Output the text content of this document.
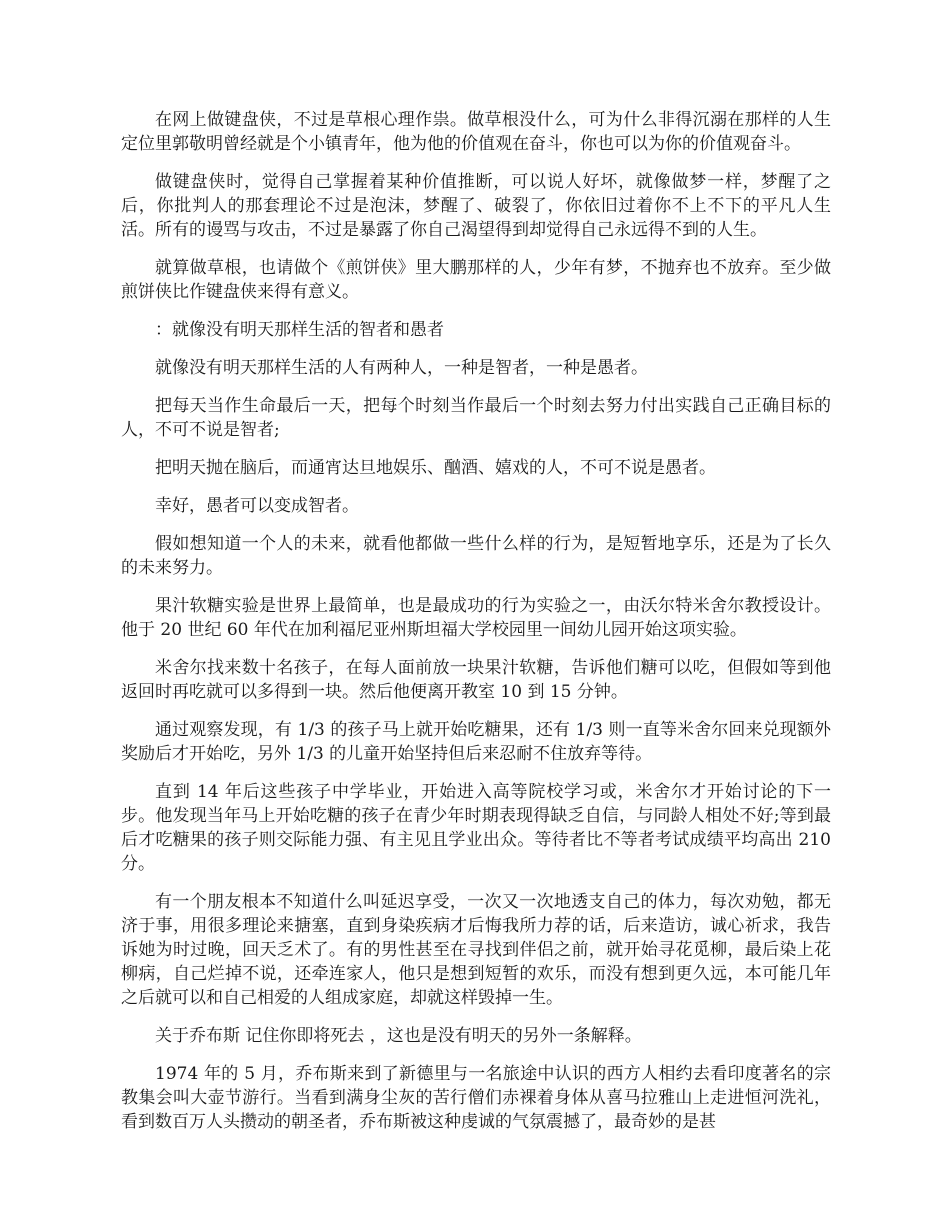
在网上做键盘侠，不过是草根心理作祟。做草根没什么，可为什么非得沉溺在那样的人生定位里郭敬明曾经就是个小镇青年，他为他的价值观在奋斗，你也可以为你的价值观奋斗。

做键盘侠时，觉得自己掌握着某种价值推断，可以说人好坏，就像做梦一样，梦醒了之后，你批判人的那套理论不过是泡沫，梦醒了、破裂了，你依旧过着你不上不下的平凡人生活。所有的谩骂与攻击，不过是暴露了你自己渴望得到却觉得自己永远得不到的人生。

就算做草根，也请做个《煎饼侠》里大鹏那样的人，少年有梦，不抛弃也不放弃。至少做煎饼侠比作键盘侠来得有意义。

：就像没有明天那样生活的智者和愚者

就像没有明天那样生活的人有两种人，一种是智者，一种是愚者。

把每天当作生命最后一天，把每个时刻当作最后一个时刻去努力付出实践自己正确目标的人，不可不说是智者;

把明天抛在脑后，而通宵达旦地娱乐、酗酒、嬉戏的人，不可不说是愚者。

幸好，愚者可以变成智者。

假如想知道一个人的未来，就看他都做一些什么样的行为，是短暂地享乐，还是为了长久的未来努力。

果汁软糖实验是世界上最简单，也是最成功的行为实验之一，由沃尔特米舍尔教授设计。他于 20 世纪 60 年代在加利福尼亚州斯坦福大学校园里一间幼儿园开始这项实验。

米舍尔找来数十名孩子，在每人面前放一块果汁软糖，告诉他们糖可以吃，但假如等到他返回时再吃就可以多得到一块。然后他便离开教室 10 到 15 分钟。

通过观察发现，有 1/3 的孩子马上就开始吃糖果，还有 1/3 则一直等米舍尔回来兑现额外奖励后才开始吃，另外 1/3 的儿童开始坚持但后来忍耐不住放弃等待。

直到 14 年后这些孩子中学毕业，开始进入高等院校学习或，米舍尔才开始讨论的下一步。他发现当年马上开始吃糖的孩子在青少年时期表现得缺乏自信，与同龄人相处不好;等到最后才吃糖果的孩子则交际能力强、有主见且学业出众。等待者比不等者考试成绩平均高出 210 分。

有一个朋友根本不知道什么叫延迟享受，一次又一次地透支自己的体力，每次劝勉，都无济于事，用很多理论来搪塞，直到身染疾病才后悔我所力荐的话，后来造访，诚心祈求，我告诉她为时过晚，回天乏术了。有的男性甚至在寻找到伴侣之前，就开始寻花觅柳，最后染上花柳病，自己烂掉不说，还牵连家人，他只是想到短暂的欢乐，而没有想到更久远，本可能几年之后就可以和自己相爱的人组成家庭，却就这样毁掉一生。

关于乔布斯 记住你即将死去 ，这也是没有明天的另外一条解释。

1974 年的 5 月，乔布斯来到了新德里与一名旅途中认识的西方人相约去看印度著名的宗教集会叫大壶节游行。当看到满身尘灰的苦行僧们赤裸着身体从喜马拉雅山上走进恒河洗礼，看到数百万人头攒动的朝圣者，乔布斯被这种虔诚的气氛震撼了，最奇妙的是甚
